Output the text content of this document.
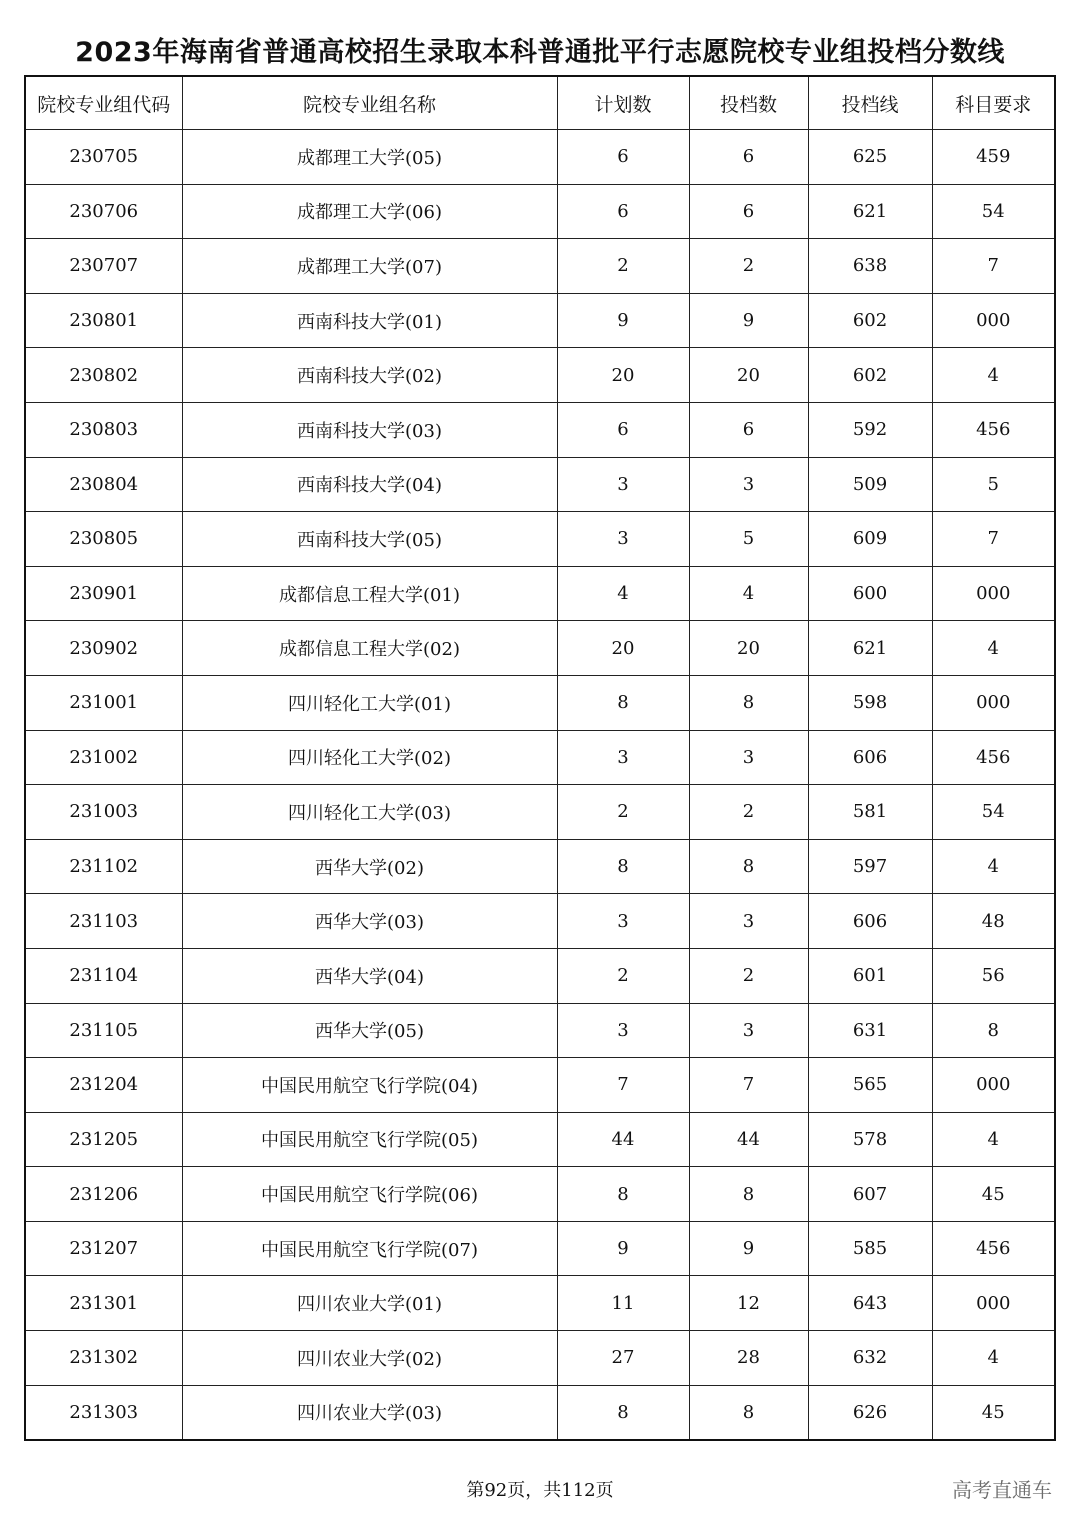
2023年海南省普通高校招生录取本科普通批平行志愿院校专业组投档分数线
院校专业组代码	院校专业组名称	计划数	投档数	投档线	科目要求
230705	成都理工大学(05)	6	6	625	459
230706	成都理工大学(06)	6	6	621	54
230707	成都理工大学(07)	2	2	638	7
230801	西南科技大学(01)	9	9	602	000
230802	西南科技大学(02)	20	20	602	4
230803	西南科技大学(03)	6	6	592	456
230804	西南科技大学(04)	3	3	509	5
230805	西南科技大学(05)	3	5	609	7
230901	成都信息工程大学(01)	4	4	600	000
230902	成都信息工程大学(02)	20	20	621	4
231001	四川轻化工大学(01)	8	8	598	000
231002	四川轻化工大学(02)	3	3	606	456
231003	四川轻化工大学(03)	2	2	581	54
231102	西华大学(02)	8	8	597	4
231103	西华大学(03)	3	3	606	48
231104	西华大学(04)	2	2	601	56
231105	西华大学(05)	3	3	631	8
231204	中国民用航空飞行学院(04)	7	7	565	000
231205	中国民用航空飞行学院(05)	44	44	578	4
231206	中国民用航空飞行学院(06)	8	8	607	45
231207	中国民用航空飞行学院(07)	9	9	585	456
231301	四川农业大学(01)	11	12	643	000
231302	四川农业大学(02)	27	28	632	4
231303	四川农业大学(03)	8	8	626	45
第92页，共112页	高考直通车
